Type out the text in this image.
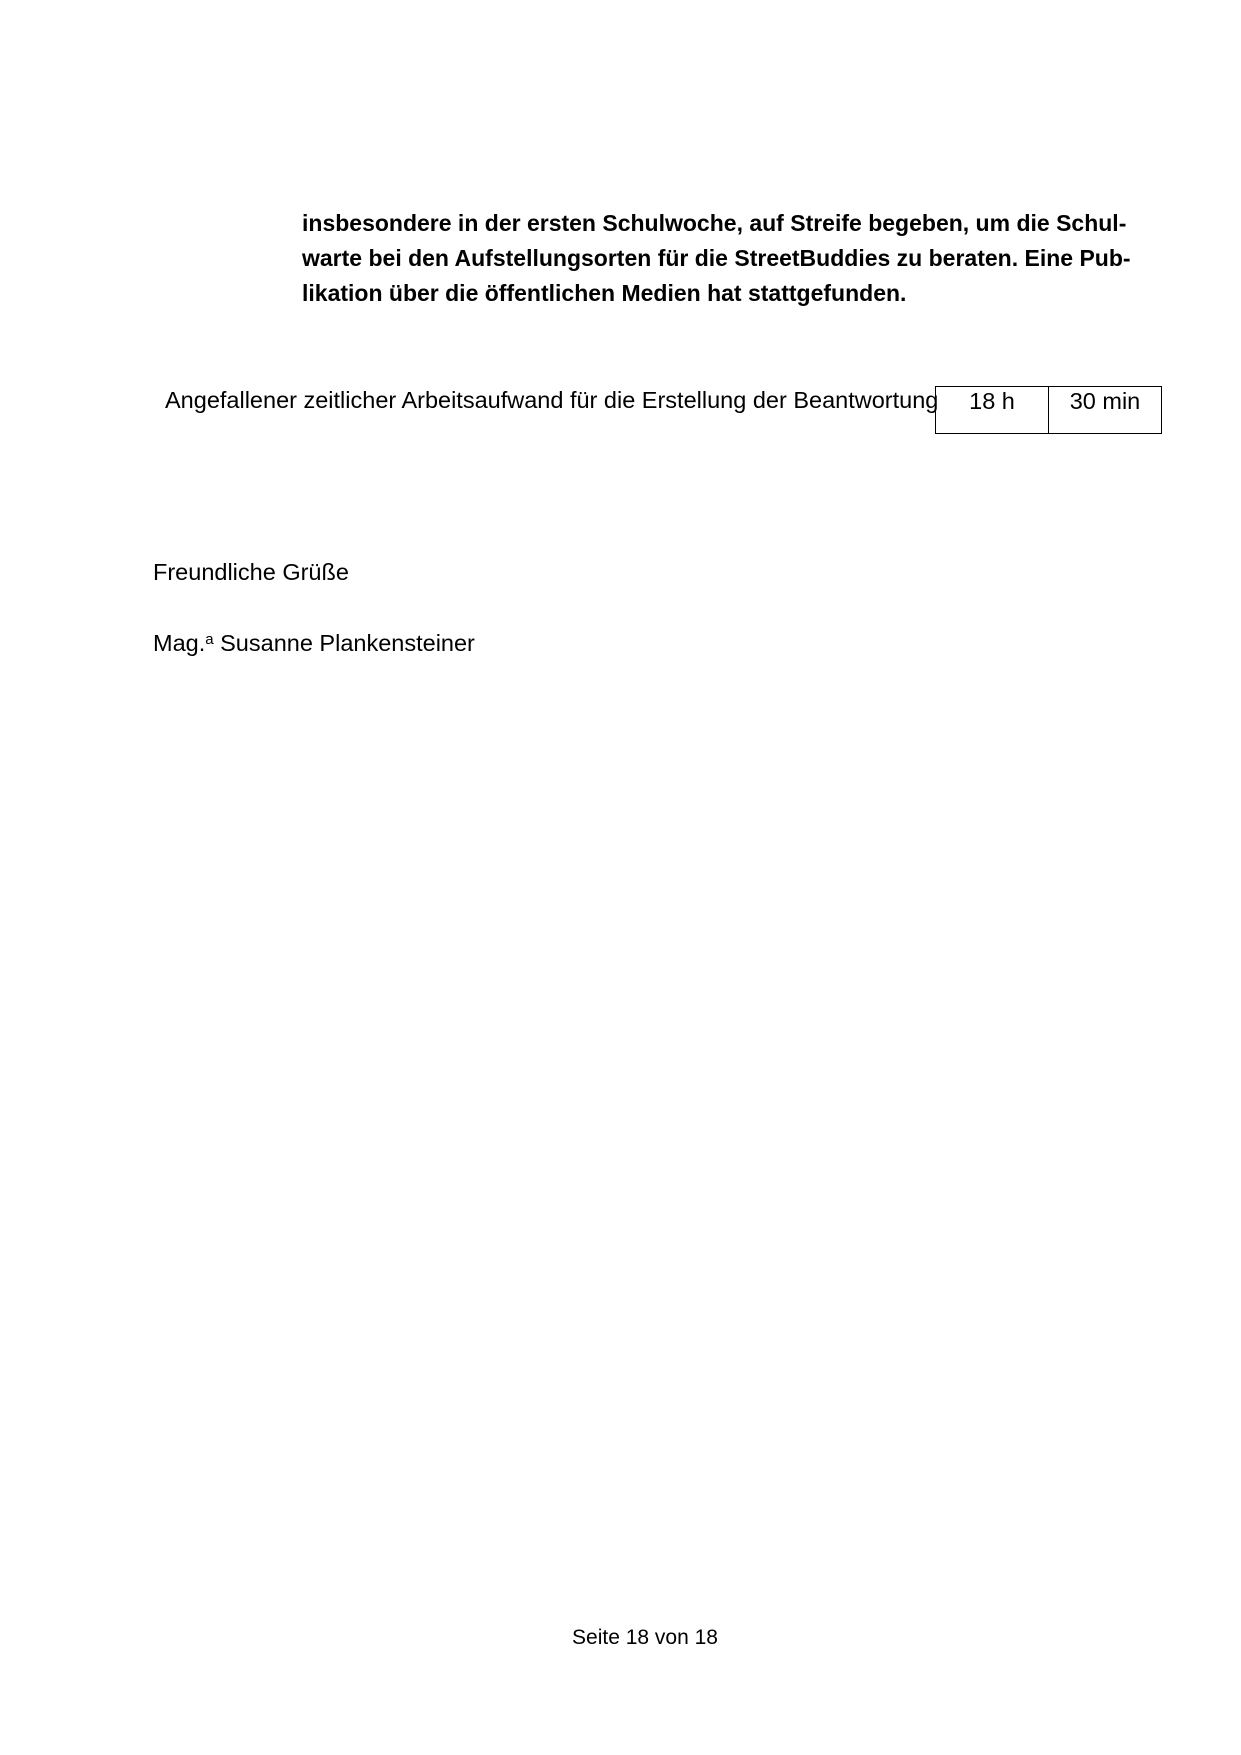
insbesondere in der ersten Schulwoche, auf Streife begeben, um die Schul-
warte bei den Aufstellungsorten für die StreetBuddies zu beraten. Eine Pub-
likation über die öffentlichen Medien hat stattgefunden.

Angefallener zeitlicher Arbeitsaufwand für die Erstellung der Beantwortung 18 h	30 min
Freundliche Grüße
Mag.$^a$ Susanne Plankensteiner
Seite 18 von 18
